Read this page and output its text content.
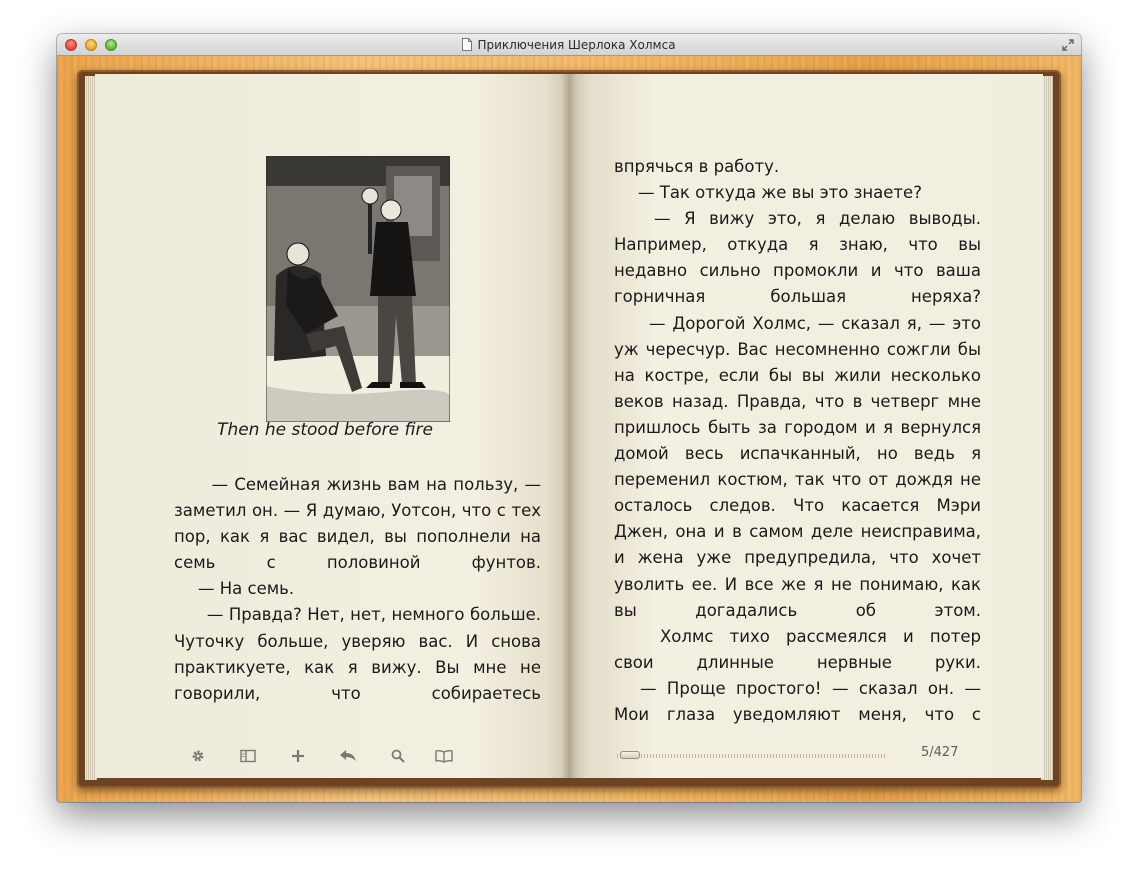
Приключения Шерлока Холмса
Then he stood before fire

— Семейная жизнь вам на пользу, — заметил он. — Я думаю, Уотсон, что с тех пор, как я вас видел, вы пополнели на семь с половиной фунтов.

— На семь.

— Правда? Нет, нет, немного больше. Чуточку больше, уверяю вас. И снова практикуете, как я вижу. Вы мне не говорили, что собираетесь

впрячься в работу.

— Так откуда же вы это знаете?

— Я вижу это, я делаю выводы. Например, откуда я знаю, что вы недавно сильно промокли и что ваша горничная большая неряха?

— Дорогой Холмс, — сказал я, — это уж чересчур. Вас несомненно сожгли бы на костре, если бы вы жили несколько веков назад. Правда, что в четверг мне пришлось быть за городом и я вернулся домой весь испачканный, но ведь я переменил костюм, так что от дождя не осталось следов. Что касается Мэри Джен, она и в самом деле неисправима, и жена уже предупредила, что хочет уволить ее. И все же я не понимаю, как вы догадались об этом.

Холмс тихо рассмеялся и потер свои длинные нервные руки.

— Проще простого! — сказал он. — Мои глаза уведомляют меня, что с

5/427
